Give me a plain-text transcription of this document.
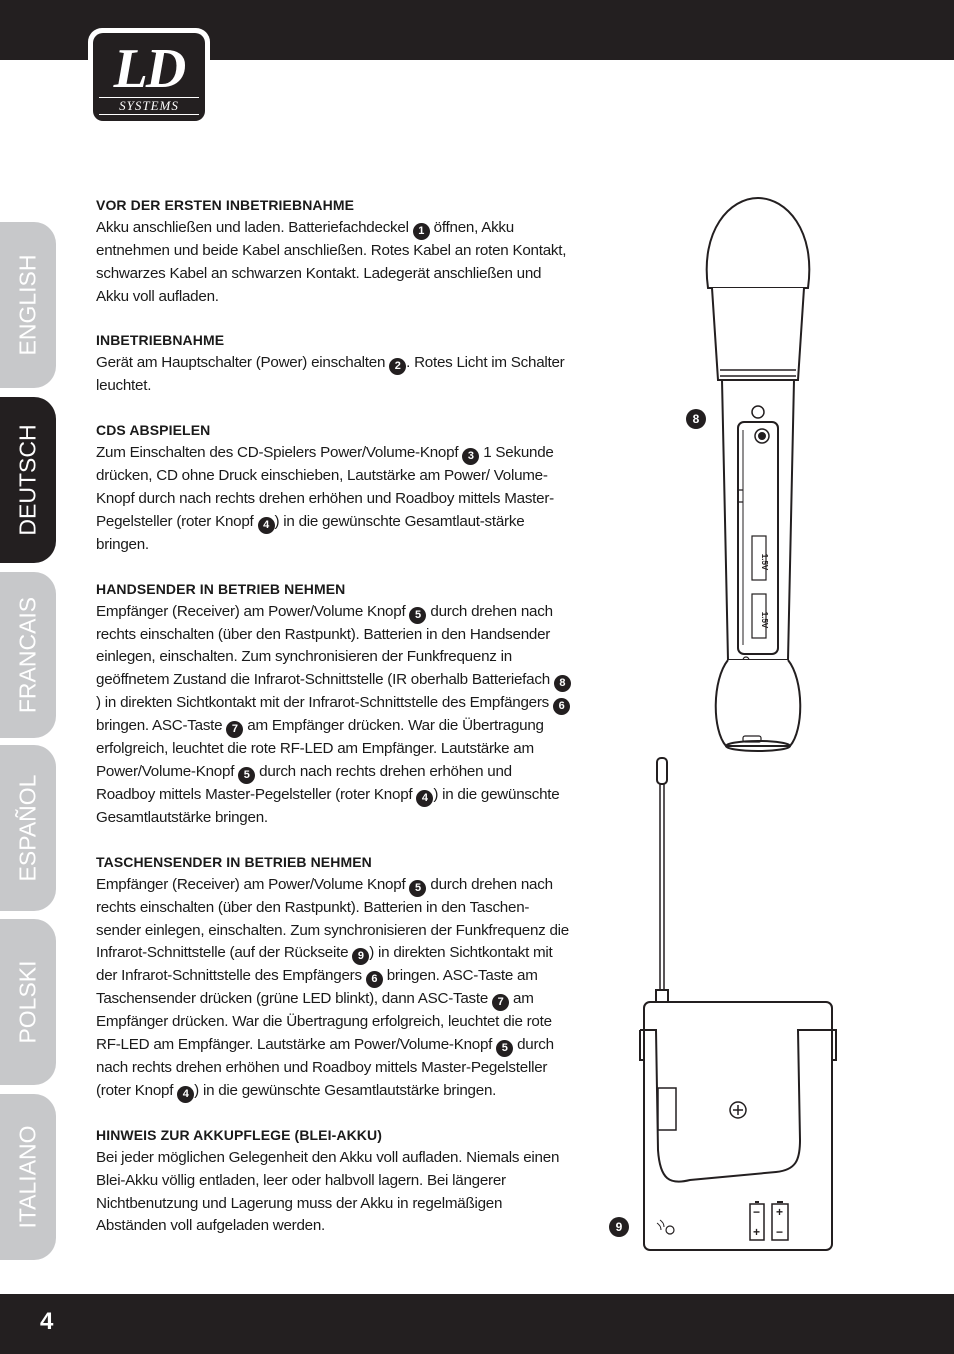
LD
SYSTEMS
ENGLISH
DEUTSCH
FRANCAIS
ESPAÑOL
POLSKI
ITALIANO
VOR DER ERSTEN INBETRIEBNAHME
Akku anschließen und laden. Batteriefachdeckel 1 öffnen, Akku entnehmen und beide Kabel anschließen. Rotes Kabel an roten Kontakt, schwarzes Kabel an schwarzen Kontakt. Ladegerät anschließen und Akku voll aufladen.
INBETRIEBNAHME
Gerät am Hauptschalter (Power) einschalten 2 . Rotes Licht im Schalter leuchtet.
CDS ABSPIELEN
Zum Einschalten des CD-Spielers Power/Volume-Knopf 3 1 Sekunde drücken, CD ohne Druck einschieben, Lautstärke am Power/ Volume-Knopf durch nach rechts drehen erhöhen und Roadboy mittels Master-Pegelsteller (roter Knopf 4 ) in die gewünschte Gesamtlaut-stärke bringen.
HANDSENDER IN BETRIEB NEHMEN
Empfänger (Receiver) am Power/Volume Knopf 5 durch drehen nach rechts einschalten (über den Rastpunkt). Batterien in den Handsender einlegen, einschalten. Zum synchronisieren der Funkfrequenz in geöffnetem Zustand die Infrarot-Schnittstelle (IR oberhalb Batteriefach 8) in direkten Sichtkontakt mit der Infrarot-Schnittstelle des Empfängers 6 bringen. ASC-Taste 7 am Empfänger drücken. War die Übertragung erfolgreich, leuchtet die rote RF-LED am Empfänger. Lautstärke am Power/Volume-Knopf 5 durch nach rechts drehen erhöhen und Roadboy mittels Master-Pegelsteller (roter Knopf 4 ) in die gewünschte Gesamtlautstärke bringen.
TASCHENSENDER IN BETRIEB NEHMEN
Empfänger (Receiver) am Power/Volume Knopf 5 durch drehen nach rechts einschalten (über den Rastpunkt). Batterien in den Taschen-sender einlegen, einschalten. Zum synchronisieren der Funkfrequenz die Infrarot-Schnittstelle (auf der Rückseite 9 ) in direkten Sichtkontakt mit der Infrarot-Schnittstelle des Empfängers 6 bringen. ASC-Taste am Taschensender drücken (grüne LED blinkt), dann ASC-Taste 7 am Empfänger drücken. War die Übertragung erfolgreich, leuchtet die rote RF-LED am Empfänger. Lautstärke am Power/Volume-Knopf 5 durch nach rechts drehen erhöhen und Roadboy mittels Master-Pegelsteller (roter Knopf 4 ) in die gewünschte Gesamtlautstärke bringen.
HINWEIS ZUR AKKUPFLEGE (BLEI-AKKU)
Bei jeder möglichen Gelegenheit den Akku voll aufladen. Niemals einen Blei-Akku völlig entladen, leer oder halbvoll lagern. Bei längerer Nichtbenutzung und Lagerung muss der Akku in regelmäßigen Abständen voll aufgeladen werden.
1.5V
1.5V
−
+
+
−
8
9
4
